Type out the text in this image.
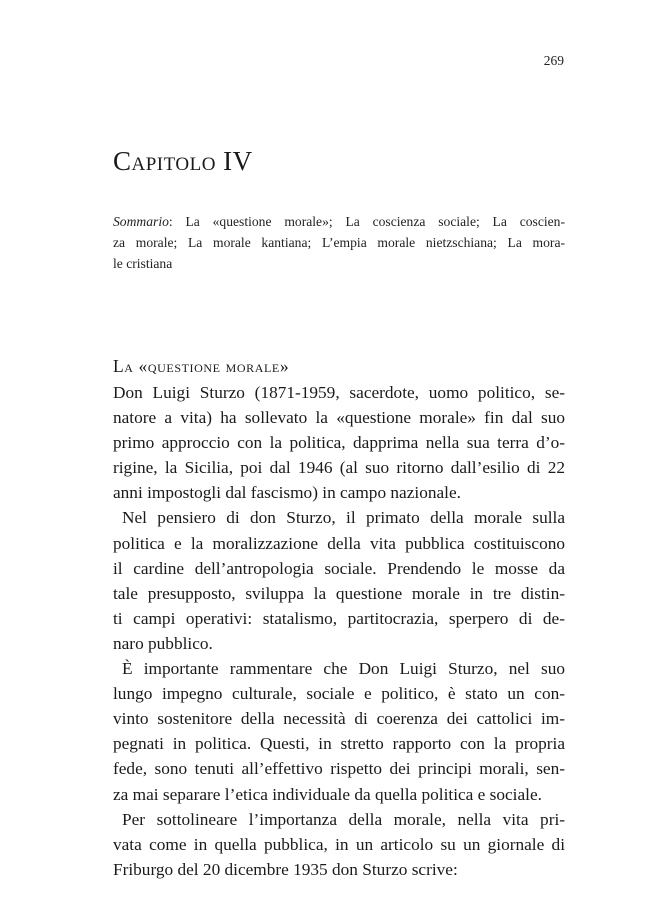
269
Capitolo IV
Sommario: La «questione morale»; La coscienza sociale; La coscien-
za morale; La morale kantiana; L’empia morale nietzschiana; La mora-
le cristiana
La «questione morale»
Don Luigi Sturzo (1871-1959, sacerdote, uomo politico, se-
natore a vita) ha sollevato la «questione morale» fin dal suo
primo approccio con la politica, dapprima nella sua terra d’o-
rigine, la Sicilia, poi dal 1946 (al suo ritorno dall’esilio di 22
anni impostogli dal fascismo) in campo nazionale.
Nel pensiero di don Sturzo, il primato della morale sulla
politica e la moralizzazione della vita pubblica costituiscono
il cardine dell’antropologia sociale. Prendendo le mosse da
tale presupposto, sviluppa la questione morale in tre distin-
ti campi operativi: statalismo, partitocrazia, sperpero di de-
naro pubblico.
È importante rammentare che Don Luigi Sturzo, nel suo
lungo impegno culturale, sociale e politico, è stato un con-
vinto sostenitore della necessità di coerenza dei cattolici im-
pegnati in politica. Questi, in stretto rapporto con la propria
fede, sono tenuti all’effettivo rispetto dei principi morali, sen-
za mai separare l’etica individuale da quella politica e sociale.
Per sottolineare l’importanza della morale, nella vita pri-
vata come in quella pubblica, in un articolo su un giornale di
Friburgo del 20 dicembre 1935 don Sturzo scrive:
